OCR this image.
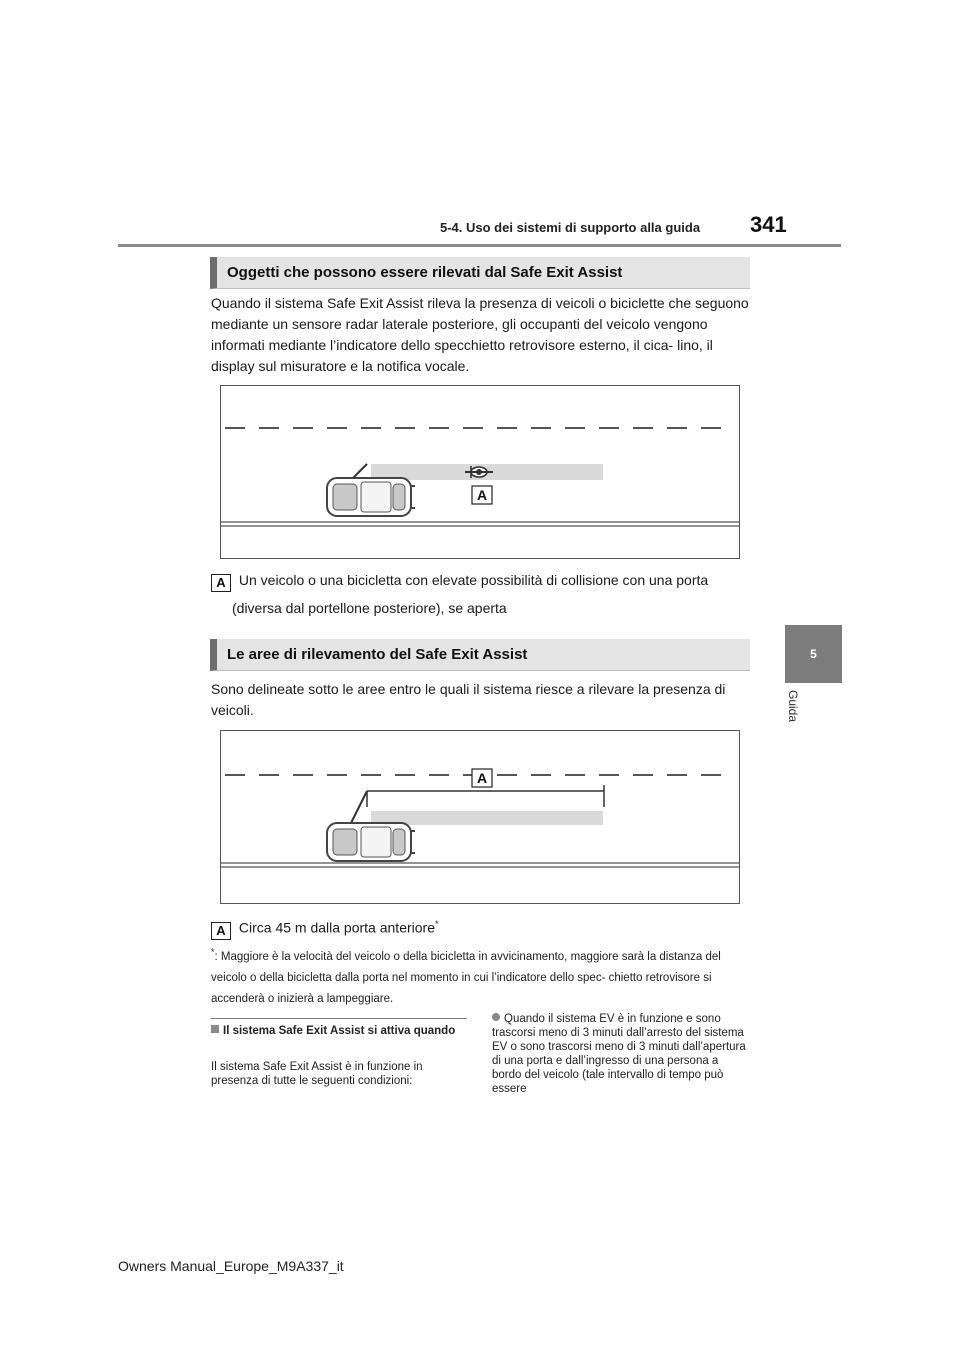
5-4. Uso dei sistemi di supporto alla guida 341
5
Guida
Oggetti che possono essere rilevati dal Safe Exit Assist
Quando il sistema Safe Exit Assist rileva la presenza di veicoli o biciclette che seguono mediante un sensore radar laterale posteriore, gli occupanti del veicolo vengono informati mediante l’indicatore dello specchietto retrovisore esterno, il cica- lino, il display sul misuratore e la notifica vocale.
A
A Un veicolo o una bicicletta con elevate possibilità di collisione con una porta
(diversa dal portellone posteriore), se aperta
Le aree di rilevamento del Safe Exit Assist
Sono delineate sotto le aree entro le quali il sistema riesce a rilevare la presenza di veicoli.
A
A Circa 45 m dalla porta anteriore*
*: Maggiore è la velocità del veicolo o della bicicletta in avvicinamento, maggiore sarà la distanza del veicolo o della bicicletta dalla porta nel momento in cui l’indicatore dello spec- chietto retrovisore si accenderà o inizierà a lampeggiare.
Il sistema Safe Exit Assist si attiva quando
Il sistema Safe Exit Assist è in funzione in presenza di tutte le seguenti condizioni:
Quando il sistema EV è in funzione e sono trascorsi meno di 3 minuti dall’arresto del sistema EV o sono trascorsi meno di 3 minuti dall’apertura di una porta e dall’ingresso di una persona a bordo del veicolo (tale intervallo di tempo può essere
Owners Manual_Europe_M9A337_it
